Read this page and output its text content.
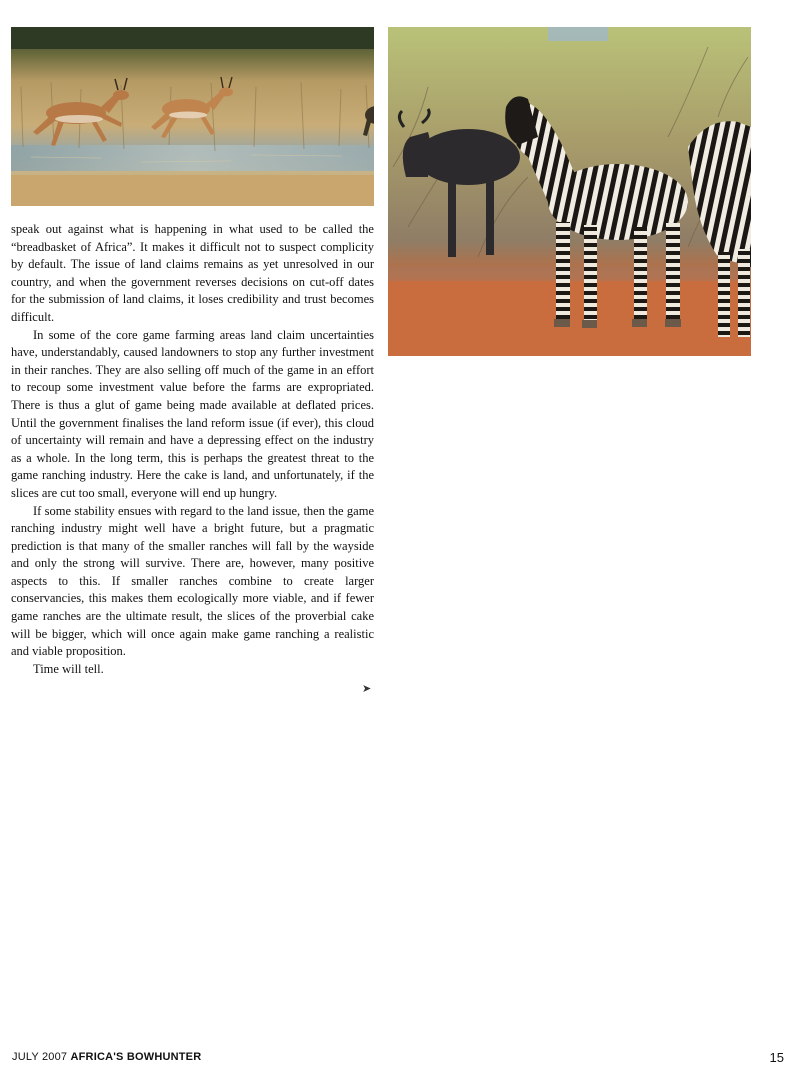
speak out against what is happening in what used to be called the “breadbasket of Africa”. It makes it difficult not to suspect complicity by default. The issue of land claims remains as yet unresolved in our country, and when the government reverses decisions on cut-off dates for the submission of land claims, it loses credibility and trust becomes difficult.

In some of the core game farming areas land claim uncertainties have, understandably, caused landowners to stop any further investment in their ranches. They are also selling off much of the game in an effort to recoup some investment value before the farms are expropriated. There is thus a glut of game being made available at deflated prices. Until the government finalises the land reform issue (if ever), this cloud of uncertainty will remain and have a depressing effect on the industry as a whole. In the long term, this is perhaps the greatest threat to the game ranching industry. Here the cake is land, and unfortunately, if the slices are cut too small, everyone will end up hungry.

If some stability ensues with regard to the land issue, then the game ranching industry might well have a bright future, but a pragmatic prediction is that many of the smaller ranches will fall by the wayside and only the strong will survive. There are, however, many positive aspects to this. If smaller ranches combine to create larger conservancies, this makes them ecologically more viable, and if fewer game ranches are the ultimate result, the slices of the proverbial cake will be bigger, which will once again make game ranching a realistic and viable proposition.

Time will tell.

➤
JULY 2007 AFRICA'S BOWHUNTER	15
